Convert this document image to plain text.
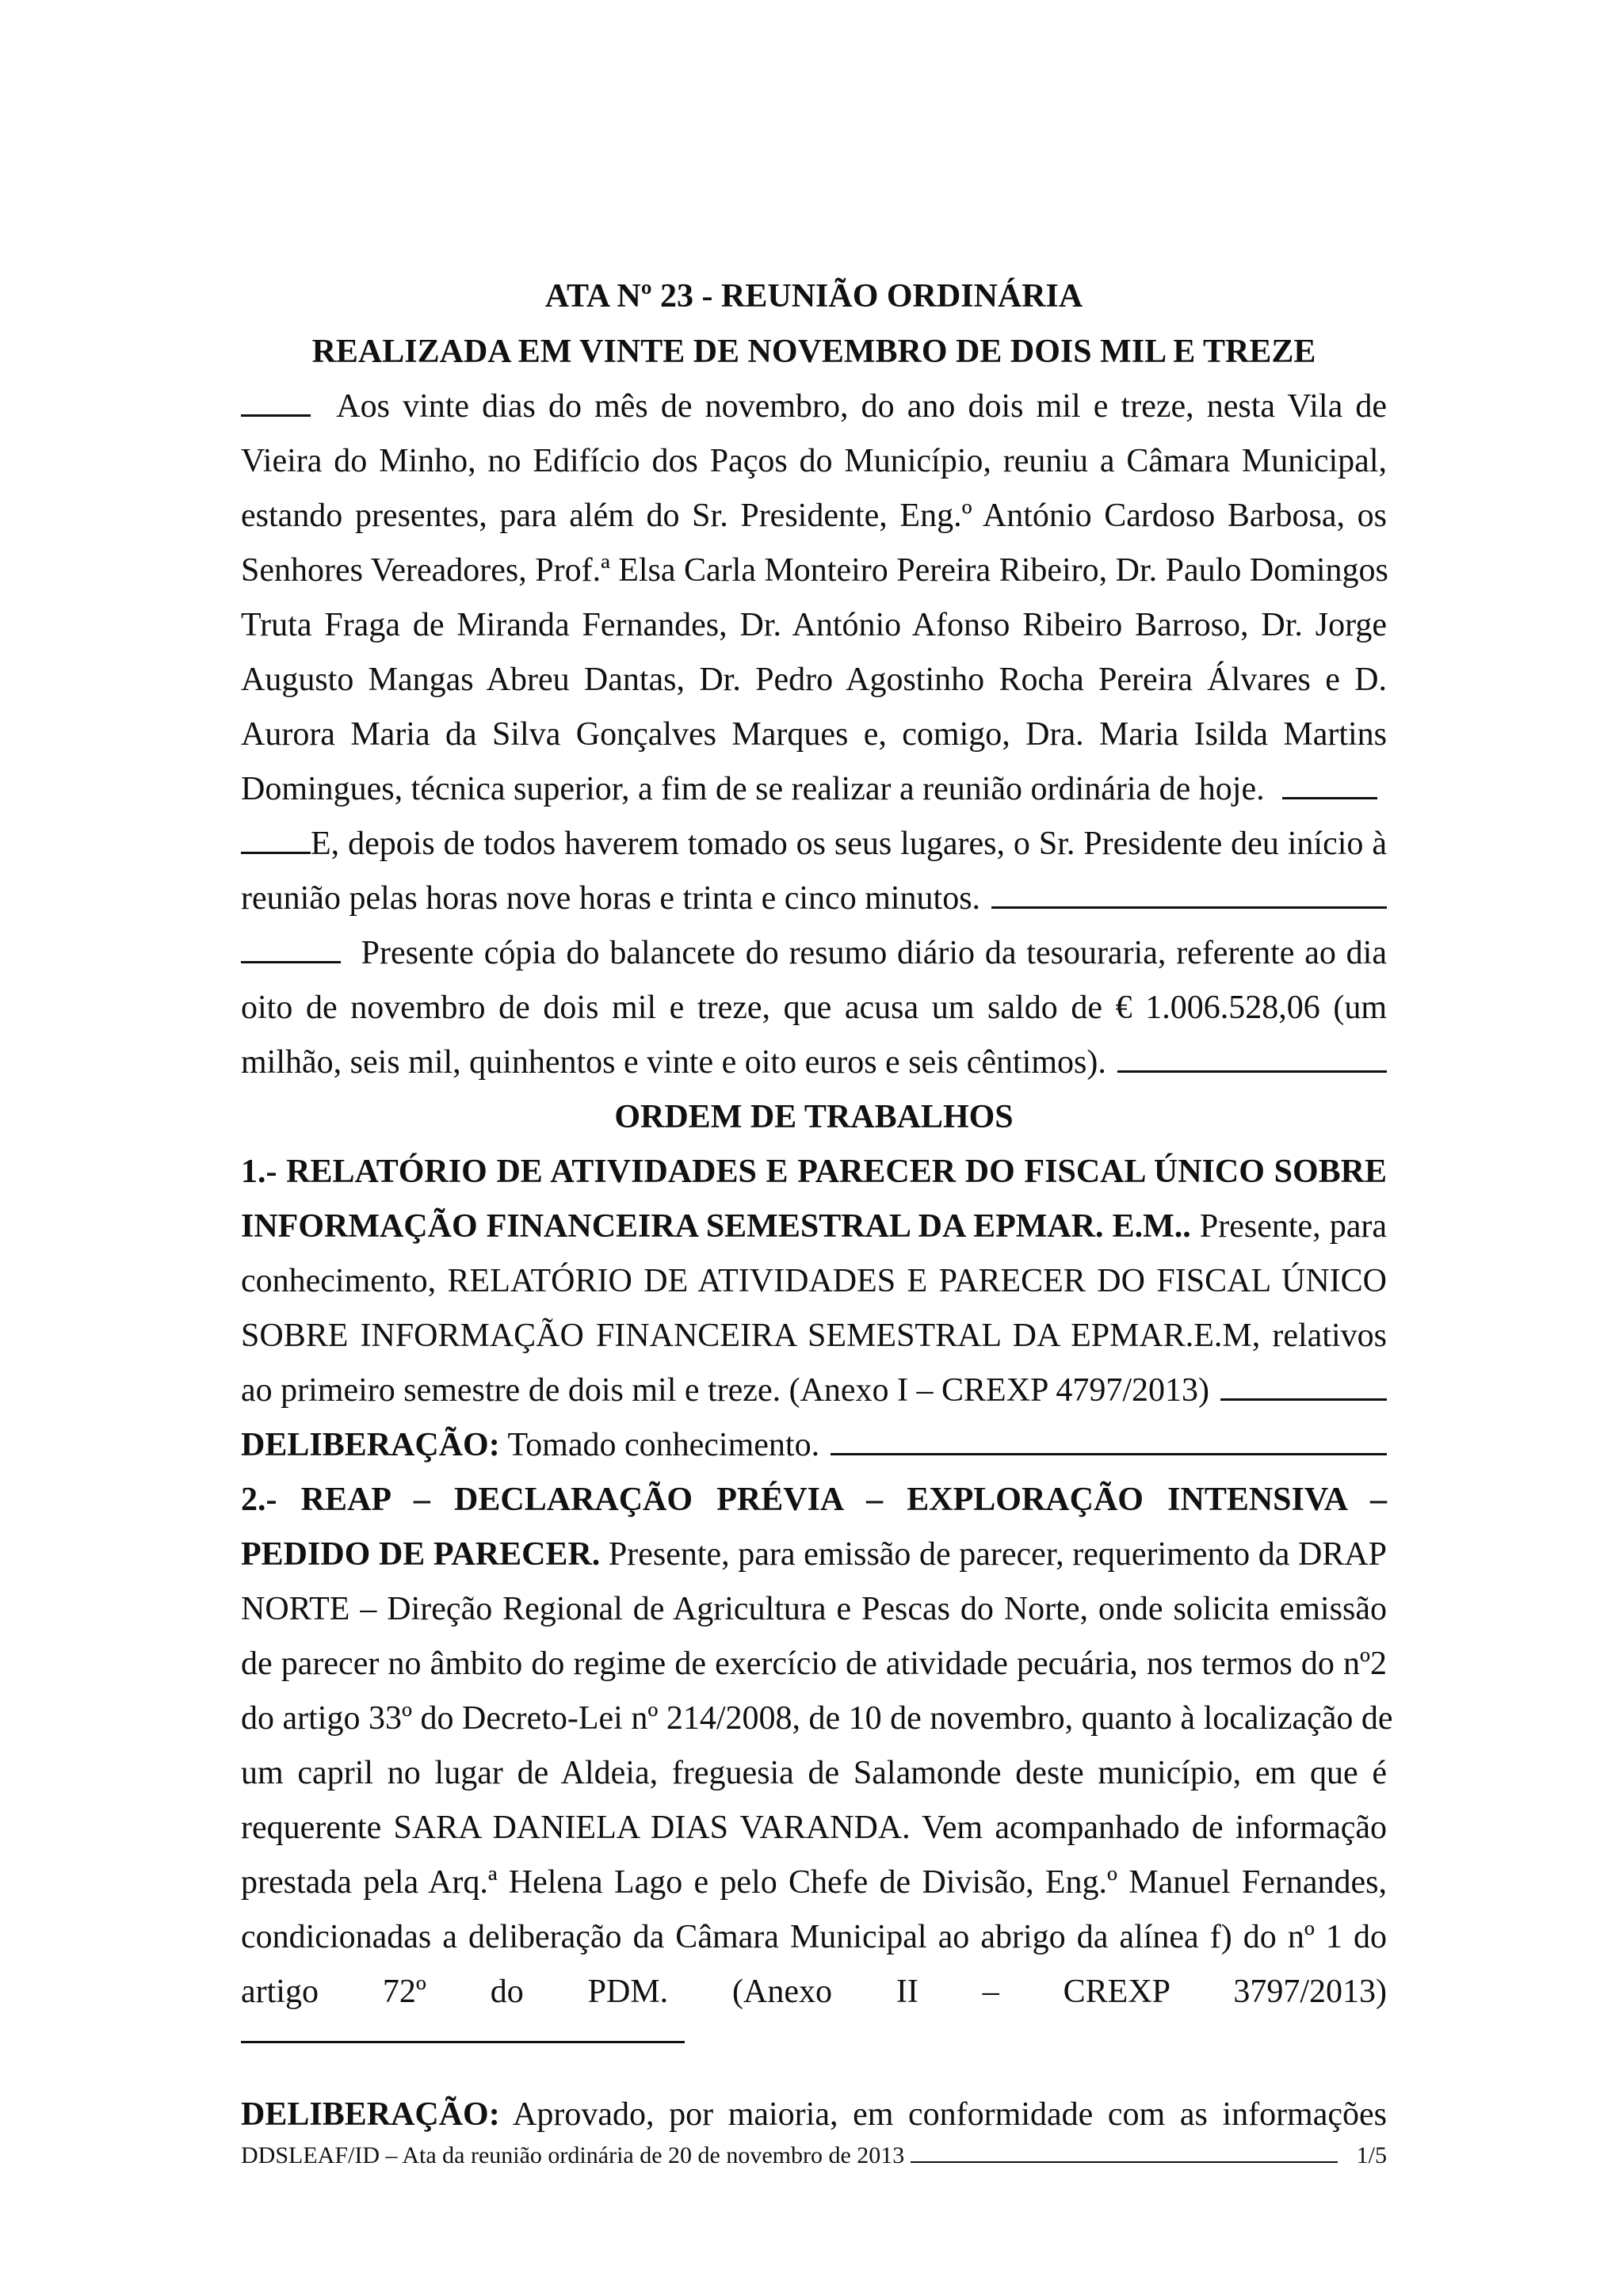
ATA Nº 23 - REUNIÃO ORDINÁRIA
REALIZADA EM VINTE DE NOVEMBRO DE DOIS MIL E TREZE
Aos vinte dias do mês de novembro, do ano dois mil e treze, nesta Vila de
Vieira do Minho, no Edifício dos Paços do Município, reuniu a Câmara Municipal,
estando presentes, para além do Sr. Presidente, Eng.º António Cardoso Barbosa, os
Senhores Vereadores, Prof.ª Elsa Carla Monteiro Pereira Ribeiro, Dr. Paulo Domingos
Truta Fraga de Miranda Fernandes, Dr. António Afonso Ribeiro Barroso, Dr. Jorge
Augusto Mangas Abreu Dantas, Dr. Pedro Agostinho Rocha Pereira Álvares e D.
Aurora Maria da Silva Gonçalves Marques e, comigo, Dra. Maria Isilda Martins
Domingues, técnica superior, a fim de se realizar a reunião ordinária de hoje.
E, depois de todos haverem tomado os seus lugares, o Sr. Presidente deu início à
reunião pelas horas nove horas e trinta e cinco minutos.
Presente cópia do balancete do resumo diário da tesouraria, referente ao dia
oito de novembro de dois mil e treze, que acusa um saldo de € 1.006.528,06 (um
milhão, seis mil, quinhentos e vinte e oito euros e seis cêntimos).
ORDEM DE TRABALHOS
1.- RELATÓRIO DE ATIVIDADES E PARECER DO FISCAL ÚNICO SOBRE
INFORMAÇÃO FINANCEIRA SEMESTRAL DA EPMAR. E.M.. Presente, para
conhecimento, RELATÓRIO DE ATIVIDADES E PARECER DO FISCAL ÚNICO
SOBRE INFORMAÇÃO FINANCEIRA SEMESTRAL DA EPMAR.E.M, relativos
ao primeiro semestre de dois mil e treze. (Anexo I – CREXP 4797/2013)
DELIBERAÇÃO: Tomado conhecimento.
2.- REAP – DECLARAÇÃO PRÉVIA – EXPLORAÇÃO INTENSIVA –
PEDIDO DE PARECER. Presente, para emissão de parecer, requerimento da DRAP
NORTE – Direção Regional de Agricultura e Pescas do Norte, onde solicita emissão
de parecer no âmbito do regime de exercício de atividade pecuária, nos termos do nº2
do artigo 33º do Decreto-Lei nº 214/2008, de 10 de novembro, quanto à localização de
um capril no lugar de Aldeia, freguesia de Salamonde deste município, em que é
requerente SARA DANIELA DIAS VARANDA. Vem acompanhado de informação
prestada pela Arq.ª Helena Lago e pelo Chefe de Divisão, Eng.º Manuel Fernandes,
condicionadas a deliberação da Câmara Municipal ao abrigo da alínea f) do nº 1 do
artigo 72º do PDM. (Anexo II – CREXP 3797/2013)
DELIBERAÇÃO: Aprovado, por maioria, em conformidade com as informações
DDSLEAF/ID – Ata da reunião ordinária de 20 de novembro de 2013	1/5
